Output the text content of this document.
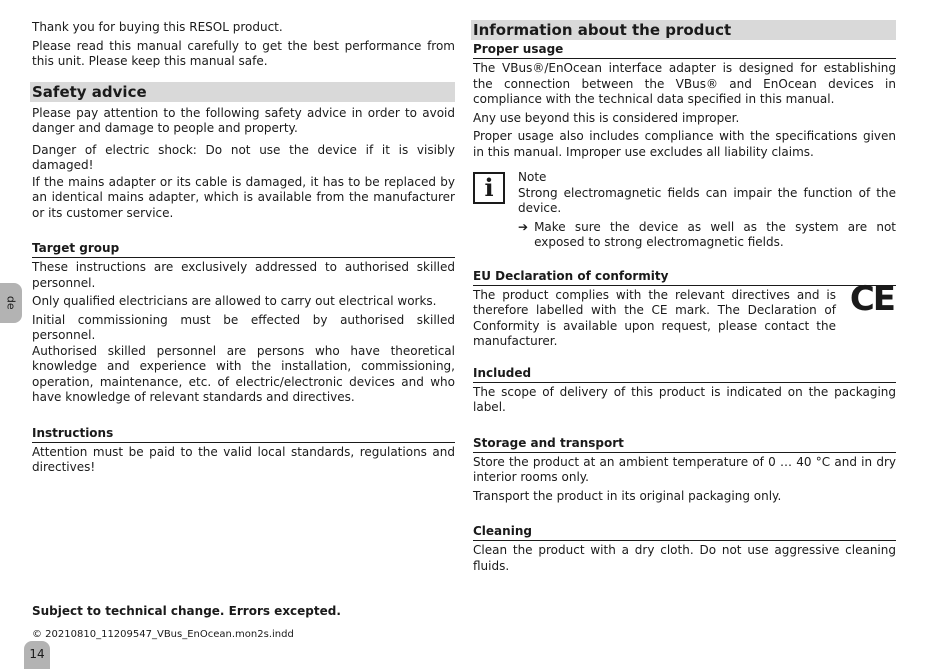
de

Thank you for buying this RESOL product.

Please read this manual carefully to get the best performance from this unit. Please keep this manual safe.

Safety advice

Please pay attention to the following safety advice in order to avoid danger and damage to people and property.

Danger of electric shock: Do not use the device if it is visibly damaged!

If the mains adapter or its cable is damaged, it has to be replaced by an identical mains adapter, which is available from the manufacturer or its customer service.

Target group

These instructions are exclusively addressed to authorised skilled personnel.

Only qualified electricians are allowed to carry out electrical works.

Initial commissioning must be effected by authorised skilled personnel.

Authorised skilled personnel are persons who have theoretical knowledge and experience with the installation, commissioning, operation, maintenance, etc. of electric/electronic devices and who have knowledge of relevant standards and directives.

Instructions

Attention must be paid to the valid local standards, regulations and directives!

Information about the product
Proper usage

The VBus®/EnOcean interface adapter is designed for establishing the connection between the VBus® and EnOcean devices in compliance with the technical data specified in this manual.

Any use beyond this is considered improper.

Proper usage also includes compliance with the specifications given in this manual. Improper use excludes all liability claims.

i	Note

Strong electromagnetic fields can impair the function of the device.

➔ Make sure the device as well as the system are not exposed to strong electromagnetic fields.

EU Declaration of conformity

The product complies with the relevant directives and is therefore labelled with the CE mark. The Declaration of Conformity is available upon request, please contact the manufacturer.

CE
Included

The scope of delivery of this product is indicated on the packaging label.

Storage and transport

Store the product at an ambient temperature of 0 … 40 °C and in dry interior rooms only.

Transport the product in its original packaging only.

Cleaning

Clean the product with a dry cloth. Do not use aggressive cleaning fluids.

Subject to technical change. Errors excepted.
© 20210810_11209547_VBus_EnOcean.mon2s.indd
14
